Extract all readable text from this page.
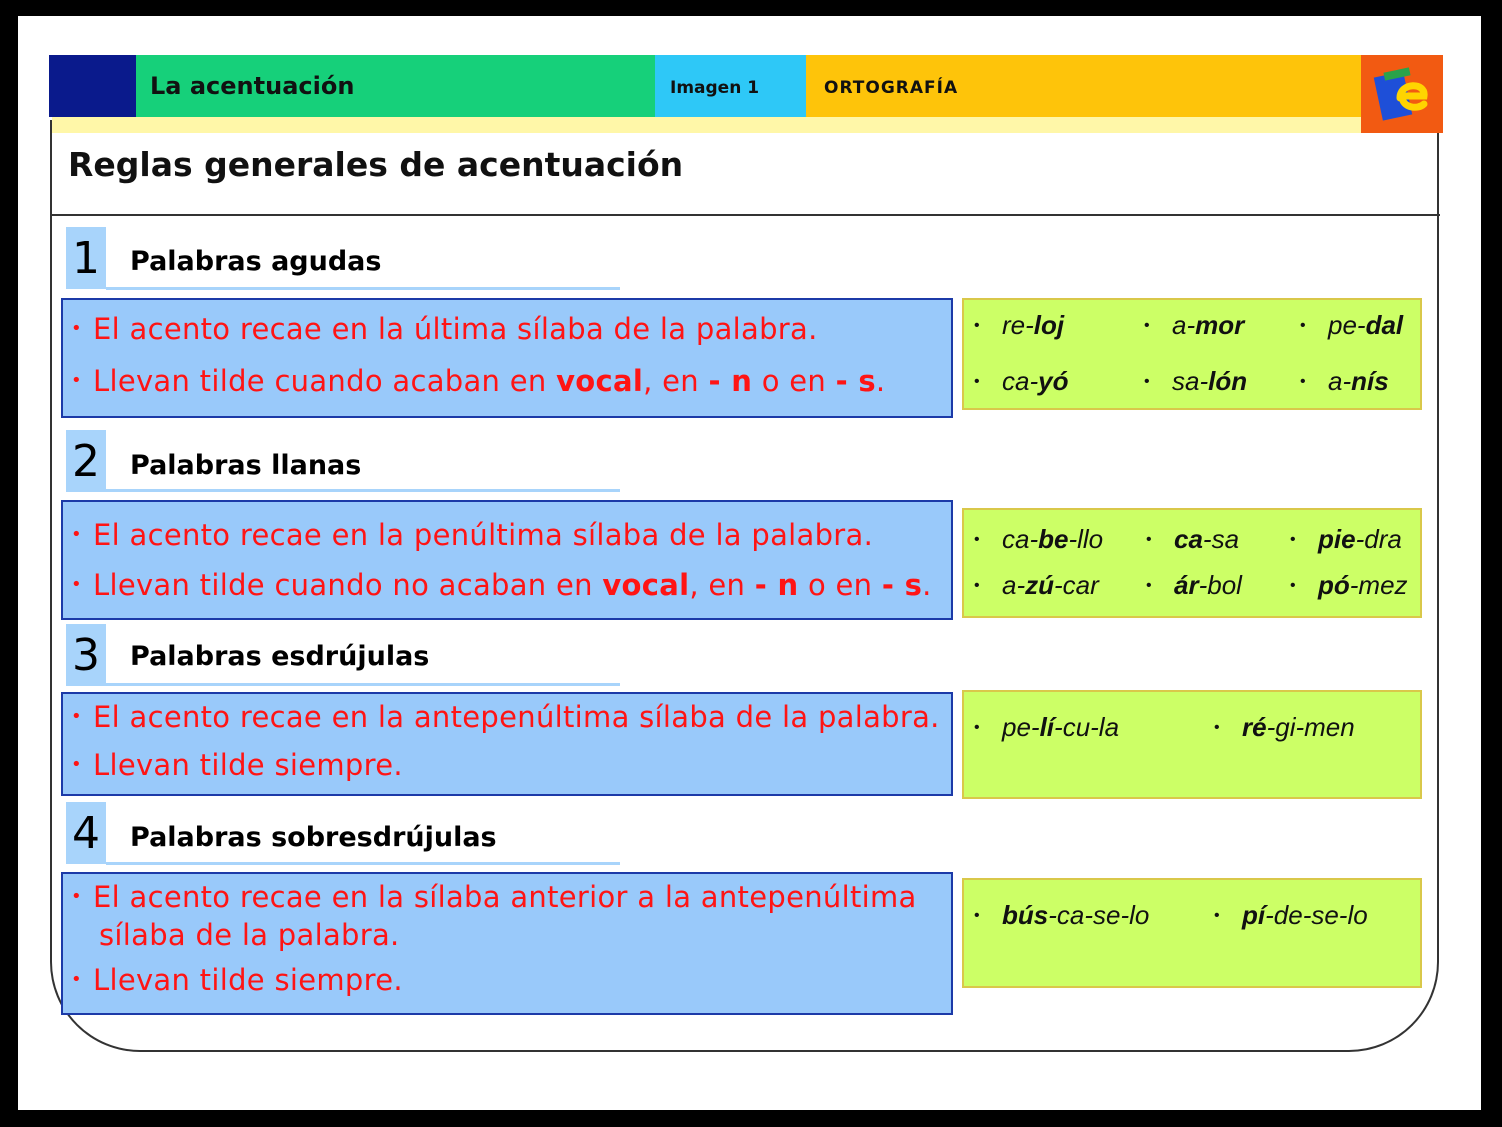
La acentuación	Imagen 1	ORTOGRAFÍA
Reglas generales de acentuación
1 Palabras agudas
• El acento recae en la última sílaba de la palabra.
• Llevan tilde cuando acaban en vocal, en - n o en - s.
• re-loj	• a-mor	• pe-dal
• ca-yó	• sa-lón	• a-nís
2 Palabras llanas
• El acento recae en la penúltima sílaba de la palabra.
• Llevan tilde cuando no acaban en vocal, en - n o en - s.
• ca-be-llo	• ca-sa	• pie-dra
• a-zú-car	• ár-bol	• pó-mez
3 Palabras esdrújulas
• El acento recae en la antepenúltima sílaba de la palabra.
• Llevan tilde siempre.
• pe-lí-cu-la	• ré-gi-men
4 Palabras sobresdrújulas
• El acento recae en la sílaba anterior a la antepenúltima
sílaba de la palabra.
• Llevan tilde siempre.
• bús-ca-se-lo	• pí-de-se-lo
